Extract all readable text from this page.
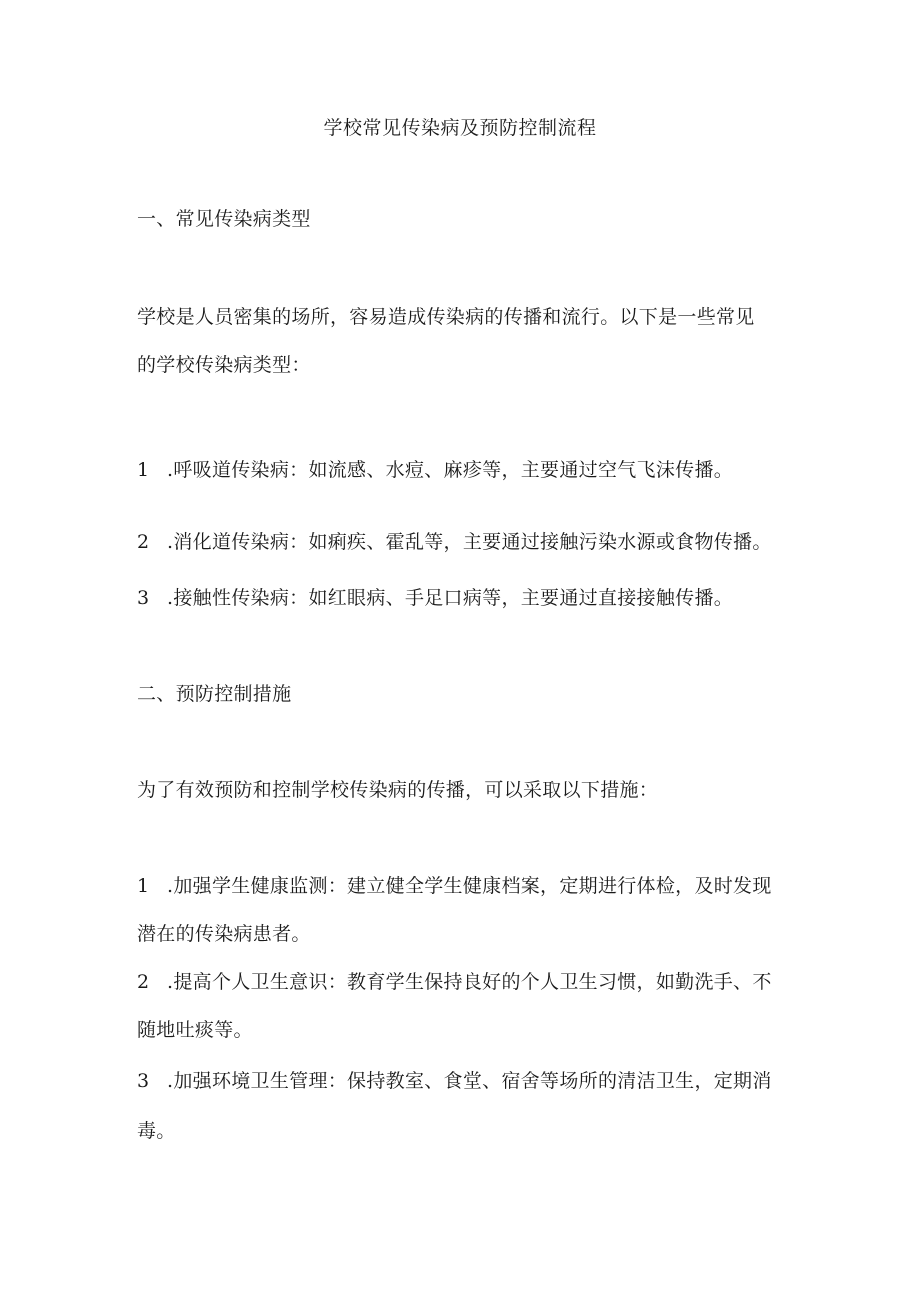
学校常见传染病及预防控制流程
一、常见传染病类型
学校是人员密集的场所，容易造成传染病的传播和流行。以下是一些常见
的学校传染病类型：
1 .呼吸道传染病：如流感、水痘、麻疹等，主要通过空气飞沫传播。
2 .消化道传染病：如痢疾、霍乱等，主要通过接触污染水源或食物传播。
3 .接触性传染病：如红眼病、手足口病等，主要通过直接接触传播。
二、预防控制措施
为了有效预防和控制学校传染病的传播，可以采取以下措施：
1 .加强学生健康监测：建立健全学生健康档案，定期进行体检，及时发现
潜在的传染病患者。
2 .提高个人卫生意识：教育学生保持良好的个人卫生习惯，如勤洗手、不
随地吐痰等。
3 .加强环境卫生管理：保持教室、食堂、宿舍等场所的清洁卫生，定期消
毒。
